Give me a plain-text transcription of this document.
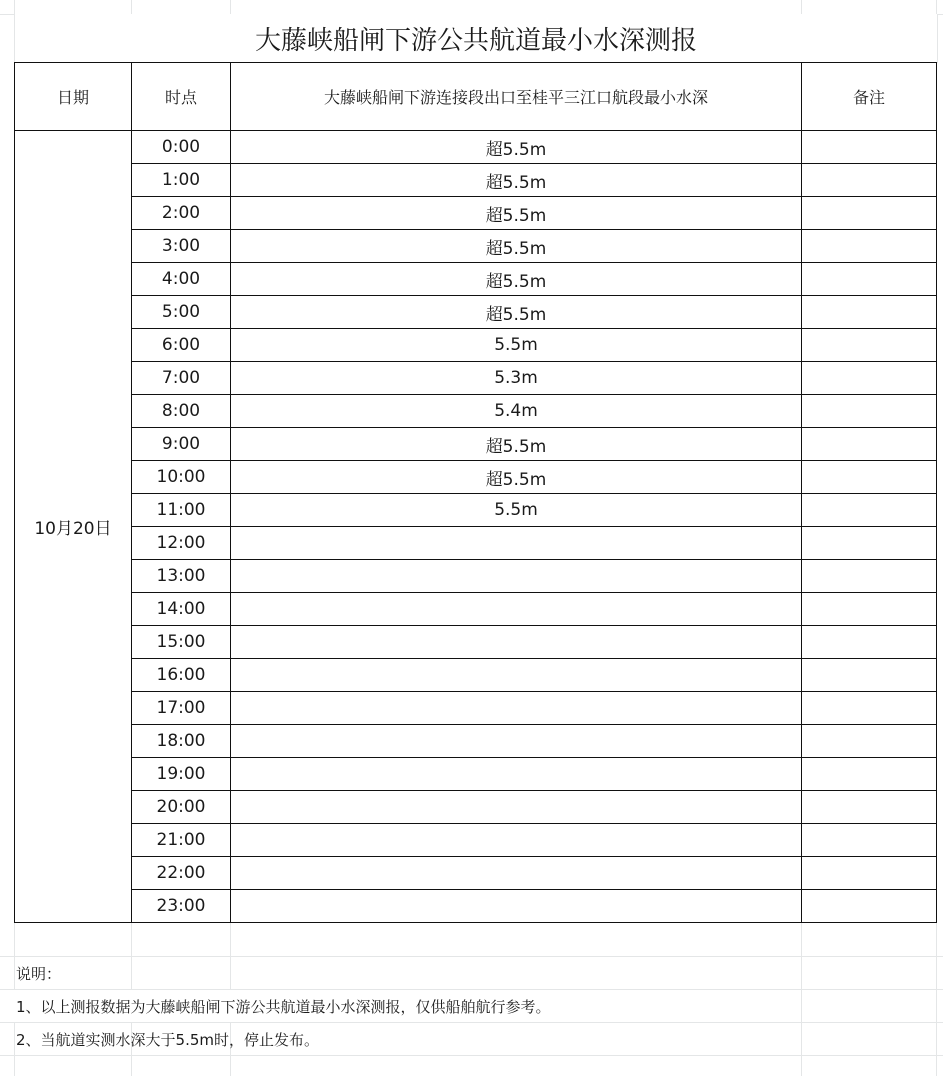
大藤峡船闸下游公共航道最小水深测报
日期	时点	大藤峡船闸下游连接段出口至桂平三江口航段最小水深	备注
10月20日	0:00	超5.5m	
	1:00	超5.5m	
	2:00	超5.5m	
	3:00	超5.5m	
	4:00	超5.5m	
	5:00	超5.5m	
	6:00	5.5m	
	7:00	5.3m	
	8:00	5.4m	
	9:00	超5.5m	
	10:00	超5.5m	
	11:00	5.5m	
	12:00		
	13:00		
	14:00		
	15:00		
	16:00		
	17:00		
	18:00		
	19:00		
	20:00		
	21:00		
	22:00		
	23:00		
说明：
1、以上测报数据为大藤峡船闸下游公共航道最小水深测报，仅供船舶航行参考。
2、当航道实测水深大于5.5m时，停止发布。
